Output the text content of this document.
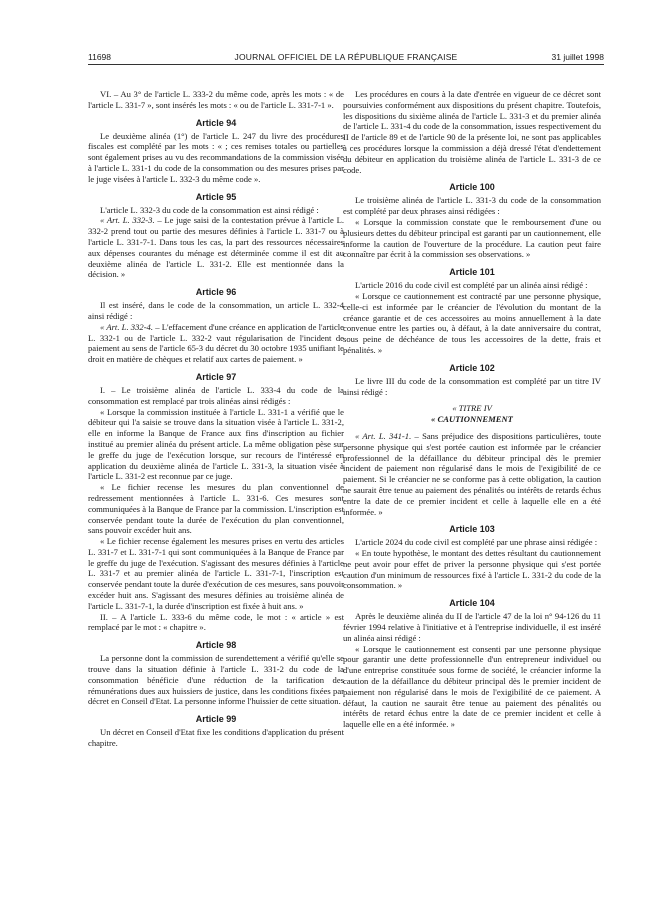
11698	JOURNAL OFFICIEL DE LA RÉPUBLIQUE FRANÇAISE	31 juillet 1998

VI. – Au 3° de l'article L. 333-2 du même code, après les mots : « de l'article L. 331-7 », sont insérés les mots : « ou de l'article L. 331-7-1 ».

Article 94

Le deuxième alinéa (1°) de l'article L. 247 du livre des procédures fiscales est complété par les mots : « ; ces remises totales ou partielles sont également prises au vu des recommandations de la commission visée à l'article L. 331-1 du code de la consommation ou des mesures prises par le juge visées à l'article L. 332-3 du même code ».

Article 95

L'article L. 332-3 du code de la consommation est ainsi rédigé :

« Art. L. 332-3. – Le juge saisi de la contestation prévue à l'article L. 332-2 prend tout ou partie des mesures définies à l'article L. 331-7 ou à l'article L. 331-7-1. Dans tous les cas, la part des ressources nécessaires aux dépenses courantes du ménage est déterminée comme il est dit au deuxième alinéa de l'article L. 331-2. Elle est mentionnée dans la décision. »

Article 96

Il est inséré, dans le code de la consommation, un article L. 332-4 ainsi rédigé :

« Art. L. 332-4. – L'effacement d'une créance en application de l'article L. 332-1 ou de l'article L. 332-2 vaut régularisation de l'incident de paiement au sens de l'article 65-3 du décret du 30 octobre 1935 unifiant le droit en matière de chèques et relatif aux cartes de paiement. »

Article 97

I. – Le troisième alinéa de l'article L. 333-4 du code de la consommation est remplacé par trois alinéas ainsi rédigés :

« Lorsque la commission instituée à l'article L. 331-1 a vérifié que le débiteur qui l'a saisie se trouve dans la situation visée à l'article L. 331-2, elle en informe la Banque de France aux fins d'inscription au fichier institué au premier alinéa du présent article. La même obligation pèse sur le greffe du juge de l'exécution lorsque, sur recours de l'intéressé en application du deuxième alinéa de l'article L. 331-3, la situation visée à l'article L. 331-2 est reconnue par ce juge.

« Le fichier recense les mesures du plan conventionnel de redressement mentionnées à l'article L. 331-6. Ces mesures sont communiquées à la Banque de France par la commission. L'inscription est conservée pendant toute la durée de l'exécution du plan conventionnel, sans pouvoir excéder huit ans.

« Le fichier recense également les mesures prises en vertu des articles L. 331-7 et L. 331-7-1 qui sont communiquées à la Banque de France par le greffe du juge de l'exécution. S'agissant des mesures définies à l'article L. 331-7 et au premier alinéa de l'article L. 331-7-1, l'inscription est conservée pendant toute la durée d'exécution de ces mesures, sans pouvoir excéder huit ans. S'agissant des mesures définies au troisième alinéa de l'article L. 331-7-1, la durée d'inscription est fixée à huit ans. »

II. – A l'article L. 333-6 du même code, le mot : « article » est remplacé par le mot : « chapitre ».

Article 98

La personne dont la commission de surendettement a vérifié qu'elle se trouve dans la situation définie à l'article L. 331-2 du code de la consommation bénéficie d'une réduction de la tarification des rémunérations dues aux huissiers de justice, dans les conditions fixées par décret en Conseil d'Etat. La personne informe l'huissier de cette situation.

Article 99

Un décret en Conseil d'Etat fixe les conditions d'application du présent chapitre.

Les procédures en cours à la date d'entrée en vigueur de ce décret sont poursuivies conformément aux dispositions du présent chapitre. Toutefois, les dispositions du sixième alinéa de l'article L. 331-3 et du premier alinéa de l'article L. 331-4 du code de la consommation, issues respectivement du II de l'article 89 et de l'article 90 de la présente loi, ne sont pas applicables à ces procédures lorsque la commission a déjà dressé l'état d'endettement du débiteur en application du troisième alinéa de l'article L. 331-3 de ce code.

Article 100

Le troisième alinéa de l'article L. 331-3 du code de la consommation est complété par deux phrases ainsi rédigées :

« Lorsque la commission constate que le remboursement d'une ou plusieurs dettes du débiteur principal est garanti par un cautionnement, elle informe la caution de l'ouverture de la procédure. La caution peut faire connaître par écrit à la commission ses observations. »

Article 101

L'article 2016 du code civil est complété par un alinéa ainsi rédigé :

« Lorsque ce cautionnement est contracté par une personne physique, celle-ci est informée par le créancier de l'évolution du montant de la créance garantie et de ces accessoires au moins annuellement à la date convenue entre les parties ou, à défaut, à la date anniversaire du contrat, sous peine de déchéance de tous les accessoires de la dette, frais et pénalités. »

Article 102

Le livre III du code de la consommation est complété par un titre IV ainsi rédigé :

« TITRE IV

« CAUTIONNEMENT

« Art. L. 341-1. – Sans préjudice des dispositions particulières, toute personne physique qui s'est portée caution est informée par le créancier professionnel de la défaillance du débiteur principal dès le premier incident de paiement non régularisé dans le mois de l'exigibilité de ce paiement. Si le créancier ne se conforme pas à cette obligation, la caution ne saurait être tenue au paiement des pénalités ou intérêts de retards échus entre la date de ce premier incident et celle à laquelle elle en a été informée. »

Article 103

L'article 2024 du code civil est complété par une phrase ainsi rédigée :

« En toute hypothèse, le montant des dettes résultant du cautionnement ne peut avoir pour effet de priver la personne physique qui s'est portée caution d'un minimum de ressources fixé à l'article L. 331-2 du code de la consommation. »

Article 104

Après le deuxième alinéa du II de l'article 47 de la loi n° 94-126 du 11 février 1994 relative à l'initiative et à l'entreprise individuelle, il est inséré un alinéa ainsi rédigé :

« Lorsque le cautionnement est consenti par une personne physique pour garantir une dette professionnelle d'un entrepreneur individuel ou d'une entreprise constituée sous forme de société, le créancier informe la caution de la défaillance du débiteur principal dès le premier incident de paiement non régularisé dans le mois de l'exigibilité de ce paiement. A défaut, la caution ne saurait être tenue au paiement des pénalités ou intérêts de retard échus entre la date de ce premier incident et celle à laquelle elle en a été informée. »
